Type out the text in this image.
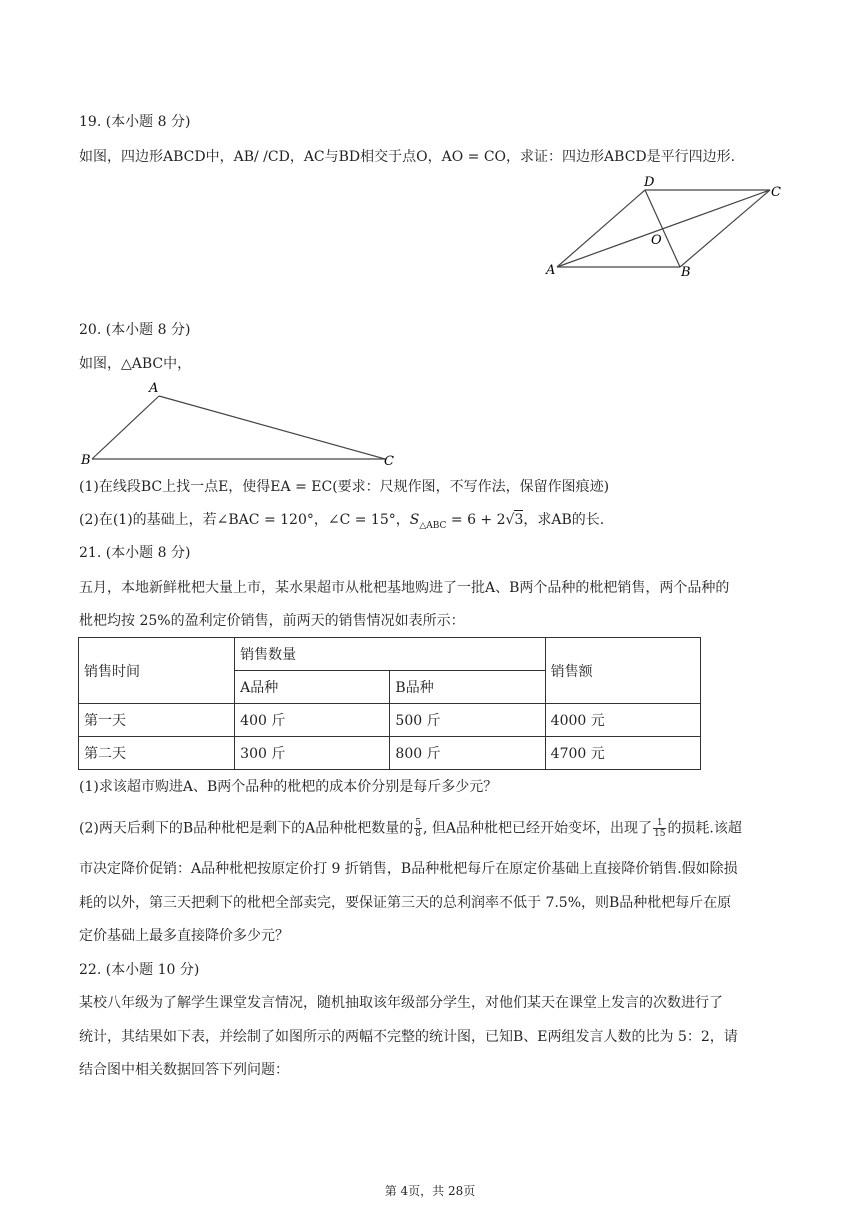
19. (本小题 8 分)
如图，四边形ABCD中，AB/ /CD，AC与BD相交于点O，AO = CO，求证：四边形ABCD是平行四边形.
A	B
C
D
O
20. (本小题 8 分)
如图，△ABC中，
A
B	C
(1)在线段BC上找一点E，使得EA = EC(要求：尺规作图，不写作法，保留作图痕迹)
(2)在(1)的基础上，若∠BAC = 120°，∠C = 15°，$S_{\triangle ABC} = 6 + 2√3$，求AB的长.
21. (本小题 8 分)
五月，本地新鲜枇杷大量上市，某水果超市从枇杷基地购进了一批A、B两个品种的枇杷销售，两个品种的
枇杷均按 25%的盈利定价销售，前两天的销售情况如表所示：
销售时间	销售数量		销售额
	A品种	B品种	
第一天	400 斤	500 斤	4000 元
第二天	300 斤	800 斤	4700 元
(1)求该超市购进A、B两个品种的枇杷的成本价分别是每斤多少元？
(2)两天后剩下的B品种枇杷是剩下的A品种枇杷数量的 $\frac{5}{8}$ , 但A品种枇杷已经开始变坏，出现了 $\frac{1}{15}$ 的损耗.该超
市决定降价促销：A品种枇杷按原定价打 9 折销售，B品种枇杷每斤在原定价基础上直接降价销售.假如除损
耗的以外，第三天把剩下的枇杷全部卖完，要保证第三天的总利润率不低于 7.5%，则B品种枇杷每斤在原
定价基础上最多直接降价多少元？
22. (本小题 10 分)
某校八年级为了解学生课堂发言情况，随机抽取该年级部分学生，对他们某天在课堂上发言的次数进行了
统计，其结果如下表，并绘制了如图所示的两幅不完整的统计图，已知B、E两组发言人数的比为 5：2，请
结合图中相关数据回答下列问题：
第 4页，共 28页
